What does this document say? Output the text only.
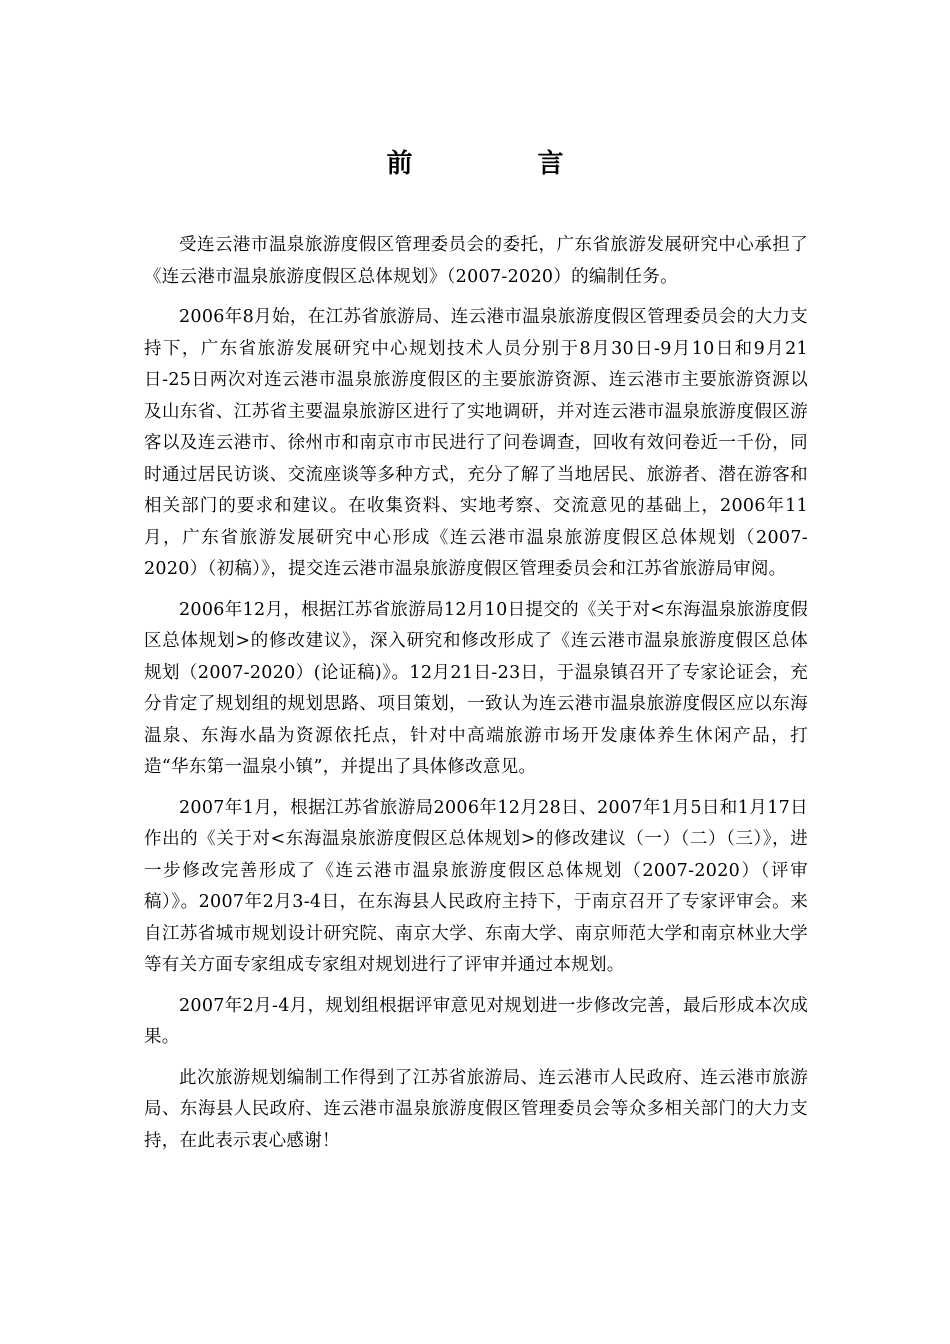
前 言

受连云港市温泉旅游度假区管理委员会的委托，广东省旅游发展研究中心承担了《连云港市温泉旅游度假区总体规划》（2007-2020）的编制任务。

2006年8月始，在江苏省旅游局、连云港市温泉旅游度假区管理委员会的大力支持下，广东省旅游发展研究中心规划技术人员分别于8月30日-9月10日和9月21日-25日两次对连云港市温泉旅游度假区的主要旅游资源、连云港市主要旅游资源以及山东省、江苏省主要温泉旅游区进行了实地调研，并对连云港市温泉旅游度假区游客以及连云港市、徐州市和南京市市民进行了问卷调查，回收有效问卷近一千份，同时通过居民访谈、交流座谈等多种方式，充分了解了当地居民、旅游者、潜在游客和相关部门的要求和建议。在收集资料、实地考察、交流意见的基础上，2006年11月，广东省旅游发展研究中心形成《连云港市温泉旅游度假区总体规划（2007-2020）（初稿）》，提交连云港市温泉旅游度假区管理委员会和江苏省旅游局审阅。

2006年12月，根据江苏省旅游局12月10日提交的《关于对<东海温泉旅游度假区总体规划>的修改建议》，深入研究和修改形成了《连云港市温泉旅游度假区总体规划（2007-2020）(论证稿)》。12月21日-23日，于温泉镇召开了专家论证会，充分肯定了规划组的规划思路、项目策划，一致认为连云港市温泉旅游度假区应以东海温泉、东海水晶为资源依托点，针对中高端旅游市场开发康体养生休闲产品，打造“华东第一温泉小镇”，并提出了具体修改意见。

2007年1月，根据江苏省旅游局2006年12月28日、2007年1月5日和1月17日作出的《关于对<东海温泉旅游度假区总体规划>的修改建议（一）（二）（三）》，进一步修改完善形成了《连云港市温泉旅游度假区总体规划（2007-2020）（评审稿）》。2007年2月3-4日，在东海县人民政府主持下，于南京召开了专家评审会。来自江苏省城市规划设计研究院、南京大学、东南大学、南京师范大学和南京林业大学等有关方面专家组成专家组对规划进行了评审并通过本规划。

2007年2月-4月，规划组根据评审意见对规划进一步修改完善，最后形成本次成果。

此次旅游规划编制工作得到了江苏省旅游局、连云港市人民政府、连云港市旅游局、东海县人民政府、连云港市温泉旅游度假区管理委员会等众多相关部门的大力支持，在此表示衷心感谢！
